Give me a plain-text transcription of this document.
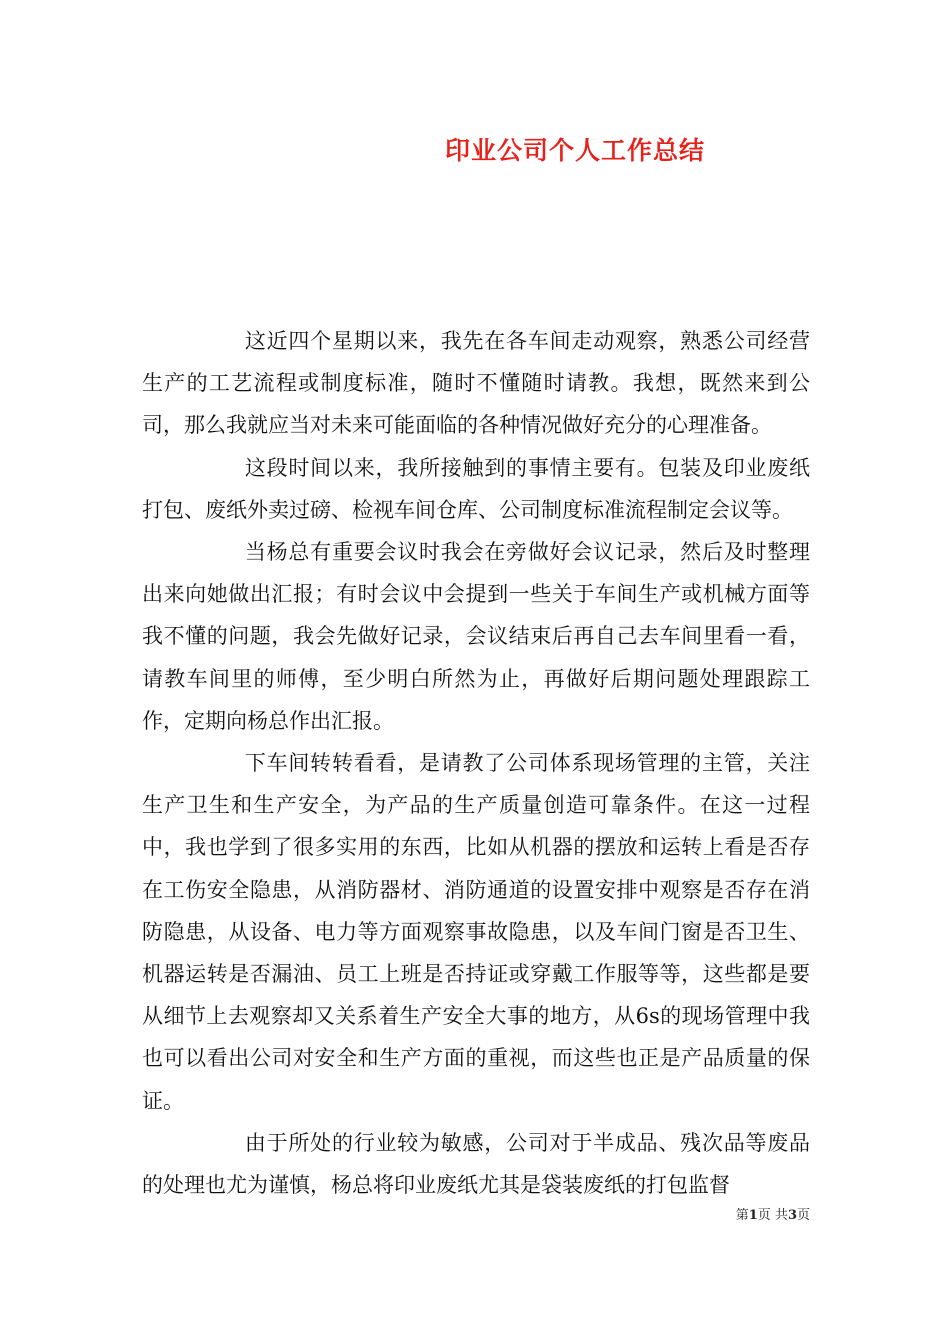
印业公司个人工作总结

这近四个星期以来，我先在各车间走动观察，熟悉公司经营生产的工艺流程或制度标准，随时不懂随时请教。我想，既然来到公司，那么我就应当对未来可能面临的各种情况做好充分的心理准备。

这段时间以来，我所接触到的事情主要有。包装及印业废纸打包、废纸外卖过磅、检视车间仓库、公司制度标准流程制定会议等。

当杨总有重要会议时我会在旁做好会议记录，然后及时整理出来向她做出汇报；有时会议中会提到一些关于车间生产或机械方面等我不懂的问题，我会先做好记录，会议结束后再自己去车间里看一看，请教车间里的师傅，至少明白所然为止，再做好后期问题处理跟踪工作，定期向杨总作出汇报。

下车间转转看看，是请教了公司体系现场管理的主管，关注生产卫生和生产安全，为产品的生产质量创造可靠条件。在这一过程中，我也学到了很多实用的东西，比如从机器的摆放和运转上看是否存在工伤安全隐患，从消防器材、消防通道的设置安排中观察是否存在消防隐患，从设备、电力等方面观察事故隐患，以及车间门窗是否卫生、机器运转是否漏油、员工上班是否持证或穿戴工作服等等，这些都是要从细节上去观察却又关系着生产安全大事的地方，从6s的现场管理中我也可以看出公司对安全和生产方面的重视，而这些也正是产品质量的保证。

由于所处的行业较为敏感，公司对于半成品、残次品等废品的处理也尤为谨慎，杨总将印业废纸尤其是袋装废纸的打包监督

第1页 共3页
